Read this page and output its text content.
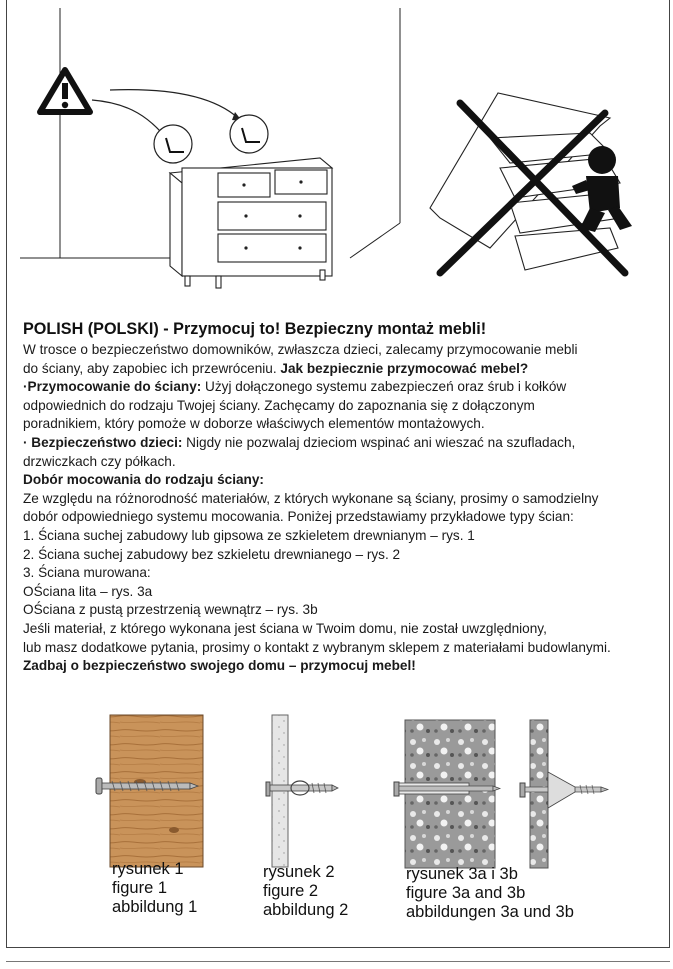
POLISH (POLSKI) - Przymocuj to! Bezpieczny montaż mebli!
W trosce o bezpieczeństwo domowników, zwłaszcza dzieci, zalecamy przymocowanie mebli
do ściany, aby zapobiec ich przewróceniu. Jak bezpiecznie przymocować mebel?
·Przymocowanie do ściany: Użyj dołączonego systemu zabezpieczeń oraz śrub i kołków
odpowiednich do rodzaju Twojej ściany. Zachęcamy do zapoznania się z dołączonym
poradnikiem, który pomoże w doborze właściwych elementów montażowych.
· Bezpieczeństwo dzieci: Nigdy nie pozwalaj dzieciom wspinać ani wieszać na szufladach,
drzwiczkach czy półkach.
Dobór mocowania do rodzaju ściany:
Ze względu na różnorodność materiałów, z których wykonane są ściany, prosimy o samodzielny
dobór odpowiedniego systemu mocowania. Poniżej przedstawiamy przykładowe typy ścian:
1. Ściana suchej zabudowy lub gipsowa ze szkieletem drewnianym – rys. 1
2. Ściana suchej zabudowy bez szkieletu drewnianego – rys. 2
3. Ściana murowana:
OŚciana lita – rys. 3a
OŚciana z pustą przestrzenią wewnątrz – rys. 3b
Jeśli materiał, z którego wykonana jest ściana w Twoim domu, nie został uwzględniony,
lub masz dodatkowe pytania, prosimy o kontakt z wybranym sklepem z materiałami budowlanymi.
Zadbaj o bezpieczeństwo swojego domu – przymocuj mebel!
rysunek 1
figure 1
abbildung 1
rysunek 2
figure 2
abbildung 2
rysunek 3a i 3b
figure 3a and 3b
abbildungen 3a und 3b
